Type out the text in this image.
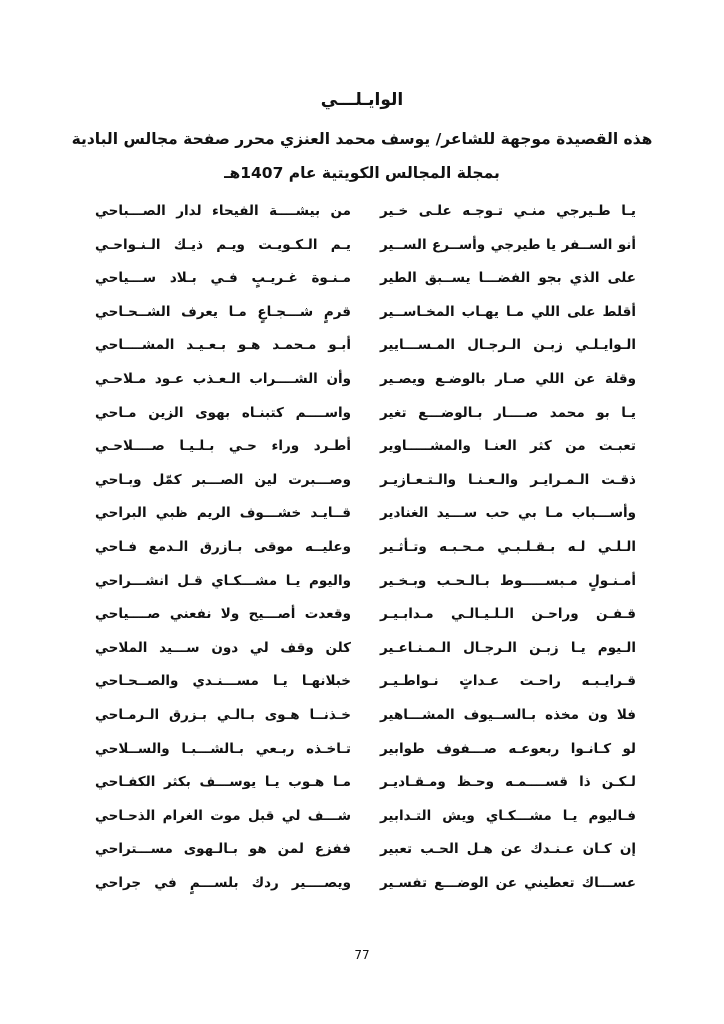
الوايـلـــي
هذه القصيدة موجهة للشاعر/ يوسف محمد العنزي محرر صفحة مجالس البادية
بمجلة المجالس الكويتية عام 1407هـ
يـا طـيرجي منـي تـوجـه علـى خـير
من بيشــــة الفيحاء لدار الصـــباحي
أنو الســفر يا طيرجي وأســرع الســير
يـم الـكـويـت ويـم ذيـك الـنـواحـي
على الذي بجو الفضـــا يســبق الطير
مـنـوة غـريـبٍ فـي بـلاد ســـياحي
أقلط على اللي مـا يهـاب المخـاســير
قرمٍ شـــجـاعٍ مـا يعرف الشــحـاحي
الـوايـلـي زبـن الـرجـال المـســـايير
أبـو مـحمـد هـو بـعـيـد المشــــاحي
وقلة عن اللي صـار بالوضـع ويصـير
وأن الشــــراب الـعـذب عـود مـلاحـي
يـا بو محمد صــــار بـالوضـــع تغير
واســــم كتبنـاه بهوى الزين مـاحي
تعبـت من كثر العنـا والمشـــــاوير
أطـرد وراء حـي بـلـيـا صــــلاحـي
ذقـت الـمـرايـر والـعـنـا والـتـعـازيـر
وصـــبرت لين الصـــبر كمّل وبـاحي
وأســـباب مـا بي حب ســـيد الغنادير
قــايـد خشـــوف الريم ظبي البراحي
الـلـي لـه بـقـلـبـي مـحـبـه وتـأثـير
وعليــه موقى بـازرق الـدمع فـاحي
أمـنـولٍ مـبســـــوط بـالـحـب وبـخـير
واليوم يـا مشـــكـاي قـل انشـــراحي
قـفـن وراحـن الـلـيـالـي مـدابـيـر
وقعدت أصـــيح ولا نفعني صــــياحي
الـيوم يـا زبـن الـرجـال الـمـنـاعـير
كلن وقف لي دون ســـيد الملاحي
قـرايـبـه راحـت عـداتٍ نـواطـيـر
خبلانهـا يـا مســـنـدي والصــحـاحي
فلا ون مخذه بـالســيوف المشـــاهير
خـذنــا هـوى بـالـي بـزرق الـرمـاحي
لو كـانـوا ربعوعـه صـــفوف طوابير
تـاخـذه ربـعي بـالشـــبـا والســلاحي
لـكـن ذا قســــمـه وحـظ ومـقـاديـر
مـا هـوب يـا يوســـف بكثر الكفـاحي
فـاليوم يـا مشـــكـاي ويش التـدابير
شـــف لي قبل موت الغرام الذحـاحي
إن كـان عـنـدك عن هـل الحـب تعبير
ففزع لمن هو بـالـهوى مســـتراحي
عســـاك تعطيني عن الوضـــع تفسـير
ويصــــير ردك بلســـمٍ في جراحي
77
